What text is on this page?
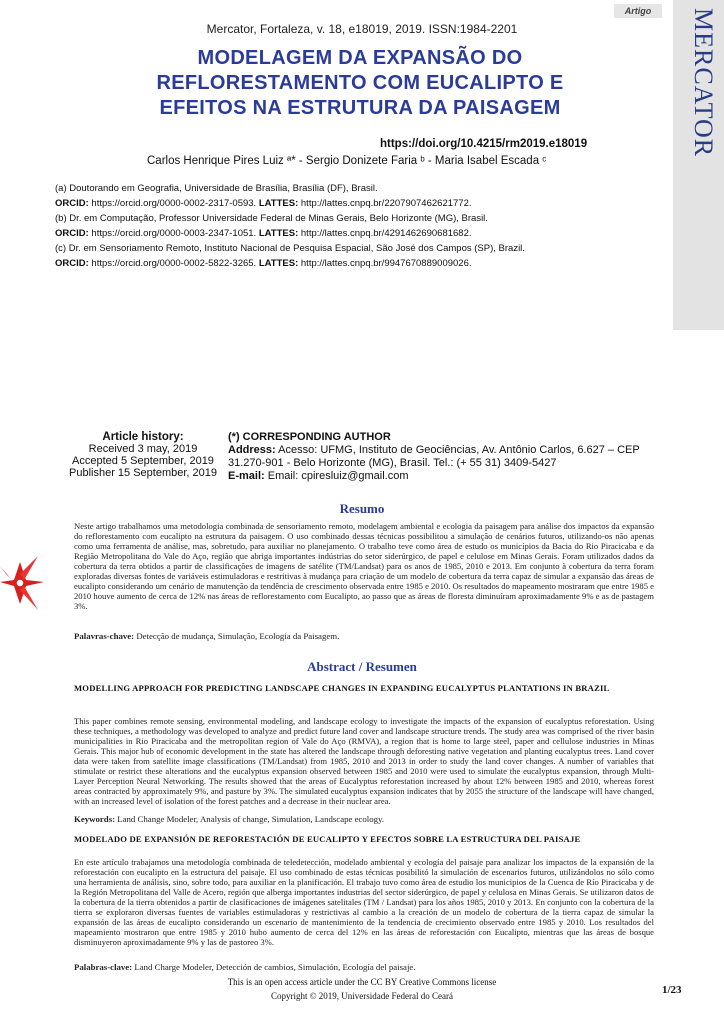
Artigo	MERCATOR
Mercator, Fortaleza, v. 18, e18019, 2019. ISSN:1984-2201
MODELAGEM DA EXPANSÃO DO
REFLORESTAMENTO COM EUCALIPTO E
EFEITOS NA ESTRUTURA DA PAISAGEM
https://doi.org/10.4215/rm2019.e18019
Carlos Henrique Pires Luiz ª* - Sergio Donizete Faria ᵇ - Maria Isabel Escada ᶜ
(a) Doutorando em Geografia, Universidade de Brasília, Brasília (DF), Brasil.
ORCID: https://orcid.org/0000-0002-2317-0593. LATTES: http://lattes.cnpq.br/2207907462621772.
(b) Dr. em Computação, Professor Universidade Federal de Minas Gerais, Belo Horizonte (MG), Brasil.
ORCID: https://orcid.org/0000-0003-2347-1051. LATTES: http://lattes.cnpq.br/4291462690681682.
(c) Dr. em Sensoriamento Remoto, Instituto Nacional de Pesquisa Espacial, São José dos Campos (SP), Brazil.
ORCID: https://orcid.org/0000-0002-5822-3265. LATTES: http://lattes.cnpq.br/9947670889009026.
Article history:
Received 3 may, 2019
Accepted 5 September, 2019
Publisher 15 September, 2019
(*) CORRESPONDING AUTHOR
Address: Acesso: UFMG, Instituto de Geociências, Av. Antônio Carlos, 6.627 – CEP 31.270-901 - Belo Horizonte (MG), Brasil. Tel.: (+ 55 31) 3409-5427
E-mail: Email: cpiresluiz@gmail.com
Resumo
Neste artigo trabalhamos uma metodologia combinada de sensoriamento remoto, modelagem ambiental e ecologia da paisagem para análise dos impactos da expansão do reflorestamento com eucalipto na estrutura da paisagem. O uso combinado dessas técnicas possibilitou a simulação de cenários futuros, utilizando-os não apenas como uma ferramenta de análise, mas, sobretudo, para auxiliar no planejamento. O trabalho teve como área de estudo os municípios da Bacia do Rio Piracicaba e da Região Metropolitana do Vale do Aço, região que abriga importantes indústrias do setor siderúrgico, de papel e celulose em Minas Gerais. Foram utilizados dados da cobertura da terra obtidos a partir de classificações de imagens de satélite (TM/Landsat) para os anos de 1985, 2010 e 2013. Em conjunto à cobertura da terra foram exploradas diversas fontes de variáveis estimuladoras e restritivas à mudança para criação de um modelo de cobertura da terra capaz de simular a expansão das áreas de eucalipto considerando um cenário de manutenção da tendência de crescimento observada entre 1985 e 2010. Os resultados do mapeamento mostraram que entre 1985 e 2010 houve aumento de cerca de 12% nas áreas de reflorestamento com Eucalipto, ao passo que as áreas de floresta diminuíram aproximadamente 9% e as de pastagem 3%.
Palavras-chave: Detecção de mudança, Simulação, Ecologia da Paisagem.
Abstract / Resumen
MODELLING APPROACH FOR PREDICTING LANDSCAPE CHANGES IN EXPANDING EUCALYPTUS PLANTATIONS IN BRAZIL
This paper combines remote sensing, environmental modeling, and landscape ecology to investigate the impacts of the expansion of eucalyptus reforestation. Using these techniques, a methodology was developed to analyze and predict future land cover and landscape structure trends. The study area was comprised of the river basin municipalities in Rio Piracicaba and the metropolitan region of Vale do Aço (RMVA), a region that is home to large steel, paper and cellulose industries in Minas Gerais. This major hub of economic development in the state has altered the landscape through deforesting native vegetation and planting eucalyptus trees. Land cover data were taken from satellite image classifications (TM/Landsat) from 1985, 2010 and 2013 in order to study the land cover changes. A number of variables that stimulate or restrict these alterations and the eucalyptus expansion observed between 1985 and 2010 were used to simulate the eucalyptus expansion, through Multi-Layer Perception Neural Networking. The results showed that the areas of Eucalyptus reforestation increased by about 12% between 1985 and 2010, whereas forest areas contracted by approximately 9%, and pasture by 3%. The simulated eucalyptus expansion indicates that by 2055 the structure of the landscape will have changed, with an increased level of isolation of the forest patches and a decrease in their nuclear area.
Keywords: Land Change Modeler, Analysis of change, Simulation, Landscape ecology.
MODELADO DE EXPANSIÓN DE REFORESTACIÓN DE EUCALIPTO Y EFECTOS SOBRE LA ESTRUCTURA DEL PAISAJE
En este artículo trabajamos una metodología combinada de teledetección, modelado ambiental y ecología del paisaje para analizar los impactos de la expansión de la reforestación con eucalipto en la estructura del paisaje. El uso combinado de estas técnicas posibilitó la simulación de escenarios futuros, utilizándolos no sólo como una herramienta de análisis, sino, sobre todo, para auxiliar en la planificación. El trabajo tuvo como área de estudio los municipios de la Cuenca de Río Piracicaba y de la Región Metropolitana del Valle de Acero, región que alberga importantes industrias del sector siderúrgico, de papel y celulosa en Minas Gerais. Se utilizaron datos de la cobertura de la tierra obtenidos a partir de clasificaciones de imágenes satelitales (TM / Landsat) para los años 1985, 2010 y 2013. En conjunto con la cobertura de la tierra se exploraron diversas fuentes de variables estimuladoras y restrictivas al cambio a la creación de un modelo de cobertura de la tierra capaz de simular la expansión de las áreas de eucalipto considerando un escenario de mantenimiento de la tendencia de crecimiento observado entre 1985 y 2010. Los resultados del mapeamiento mostraron que entre 1985 y 2010 hubo aumento de cerca del 12% en las áreas de reforestación con Eucalipto, mientras que las áreas de bosque disminuyeron aproximadamente 9% y las de pastoreo 3%.
Palabras-clave: Land Charge Modeler, Detección de cambios, Simulación, Ecología del paisaje.
This is an open access article under the CC BY Creative Commons license
Copyright © 2019, Universidade Federal do Ceará	1/23
